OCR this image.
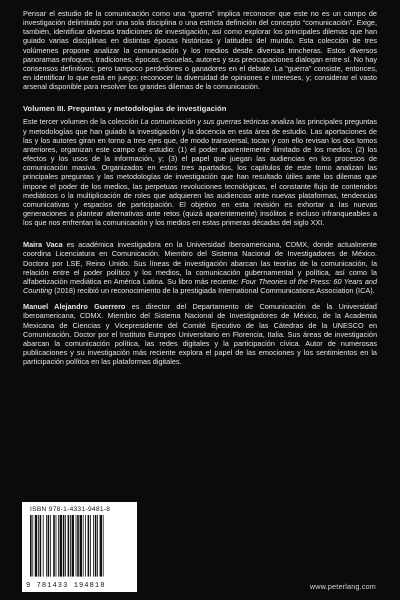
Pensar el estudio de la comunicación como una “guerra” implica reconocer que este no es un campo de investigación delimitado por una sola disciplina o una estricta definición del concepto “comunicación”. Exige, también, identificar diversas tradiciones de investigación, así como explorar los principales dilemas que han guiado varias disciplinas en distintas épocas históricas y latitudes del mundo. Esta colección de tres volúmenes propone analizar la comunicación y los medios desde diversas trincheras. Estos diversos panoramas enfoques, tradiciones, épocas, escuelas, autores y sus preocupaciones dialogan entre sí. No hay consensos definitivos; pero tampoco perdedores o ganadores en el debate. La “guerra” consiste, entonces, en identificar lo que está en juego; reconocer la diversidad de opiniones e intereses, y; considerar el vasto arsenal disponible para resolver los grandes dilemas de la comunicación.

Volumen III. Preguntas y metodologías de investigación

Este tercer volumen de la colección La comunicación y sus guerras teóricas analiza las principales preguntas y metodologías que han guiado la investigación y la docencia en esta área de estudio. Las aportaciones de las y los autores giran en torno a tres ejes que, de modo transversal, tocan y con ello revisan los dos tomos anteriores, organizan este campo de estudio: (1) el poder aparentemente ilimitado de los medios; (2) los efectos y los usos de la información, y; (3) el papel que juegan las audiencias en los procesos de comunicación masiva. Organizados en estos tres apartados, los capítulos de este tomo analizan las principales preguntas y las metodologías de investigación que han resultado útiles ante los dilemas que impone el poder de los medios, las perpetuas revoluciones tecnológicas, el constante flujo de contenidos mediáticos o la multiplicación de roles que adquieren las audiencias ante nuevas plataformas, tendencias comunicativas y espacios de participación. El objetivo en esta revisión es exhortar a las nuevas generaciones a plantear alternativas ante retos (quizá aparentemente) insólitos e incluso infranqueables a los que nos enfrentan la comunicación y los medios en estas primeras décadas del siglo XXI.

Maira Vaca es académica investigadora en la Universidad Iberoamericana, CDMX, donde actualmente coordina Licenciatura en Comunicación. Miembro del Sistema Nacional de Investigadores de México. Doctora por LSE, Reino Unido. Sus líneas de investigación abarcan las teorías de la comunicación, la relación entre el poder político y los medios, la comunicación gubernamental y política, así como la alfabetización mediática en América Latina. Su libro más reciente: Four Theories of the Press: 60 Years and Counting (2018) recibió un reconocimiento de la prestigiada International Communications Association (ICA).

Manuel Alejandro Guerrero es director del Departamento de Comunicación de la Universidad Iberoamericana, CDMX. Miembro del Sistema Nacional de Investigadores de México, de la Academia Mexicana de Ciencias y Vicepresidente del Comité Ejecutivo de las Cátedras de la UNESCO en Comunicación. Doctor por el Instituto Europeo Universitario en Florencia, Italia. Sus áreas de investigación abarcan la comunicación política, las redes digitales y la participación cívica. Autor de numerosas publicaciones y su investigación más reciente explora el papel de las emociones y los sentimientos en la participación política en las plataformas digitales.

ISBN 978-1-4331-9481-8
9 781433 194818	www.peterlang.com
